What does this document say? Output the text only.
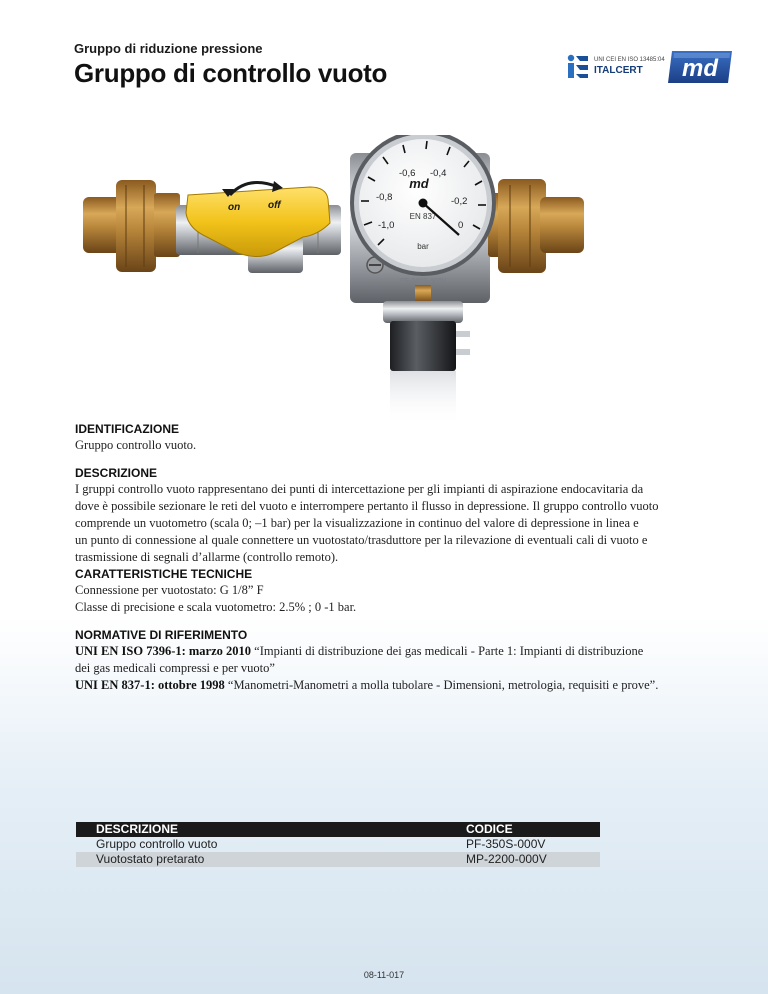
Gruppo di riduzione pressione
Gruppo di controllo vuoto	UNI CEI EN ISO 13485:04
ITALCERT md
on	off
PF-040S-000V
-0,6 -0,4
-0,8	-0,2
-1,0	0
md
EN 837
bar
IDENTIFICAZIONE
Gruppo controllo vuoto.
DESCRIZIONE
I gruppi controllo vuoto rappresentano dei punti di intercettazione per gli impianti di aspirazione endocavitaria da
dove è possibile sezionare le reti del vuoto e interrompere pertanto il flusso in depressione. Il gruppo controllo vuoto
comprende un vuotometro (scala 0; –1 bar) per la visualizzazione in continuo del valore di depressione in linea e
un punto di connessione al quale connettere un vuotostato/trasduttore per la rilevazione di eventuali cali di vuoto e
trasmissione di segnali d’allarme (controllo remoto).
CARATTERISTICHE TECNICHE
Connessione per vuotostato: G 1/8” F
Classe di precisione e scala vuotometro: 2.5% ; 0 -1 bar.
NORMATIVE DI RIFERIMENTO
UNI EN ISO 7396-1: marzo 2010 “Impianti di distribuzione dei gas medicali - Parte 1: Impianti di distribuzione
dei gas medicali compressi e per vuoto”
UNI EN 837-1: ottobre 1998 “Manometri-Manometri a molla tubolare - Dimensioni, metrologia, requisiti e prove”.
DESCRIZIONE	CODICE
Gruppo controllo vuoto	PF-350S-000V
Vuotostato pretarato	MP-2200-000V
08-11-017
